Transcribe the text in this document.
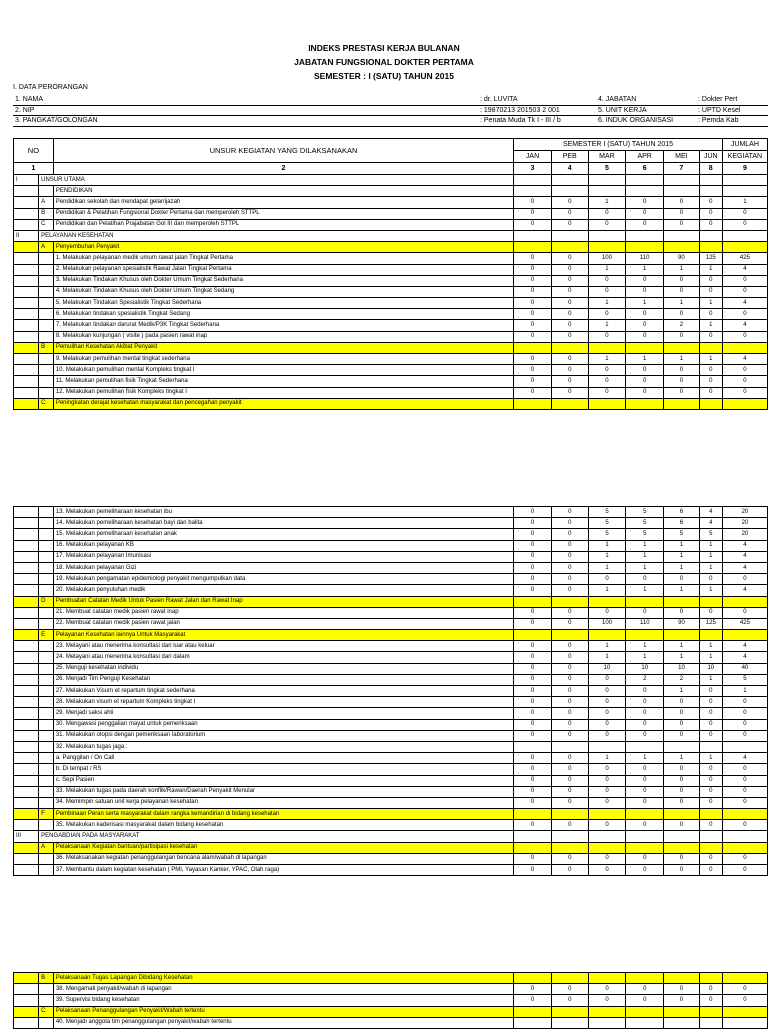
INDEKS PRESTASI KERJA BULANAN
JABATAN FUNGSIONAL DOKTER PERTAMA
SEMESTER : I (SATU) TAHUN 2015
I. DATA PERORANGAN
1. NAMA	: dr. LUVITA	4. JABATAN	: Dokter Pert
2. NIP	: 19870213 201503 2 001	5. UNIT KERJA	: UPTD Kesel
3. PANGKAT/GOLONGAN	: Penata Muda Tk I - III / b	6. INDUK ORGANISASI	: Pemda Kab
NO		UNSUR KEGIATAN YANG DILAKSANAKAN	SEMESTER I (SATU) TAHUN 2015						JUMLAH
			JAN	PEB	MAR	APR	MEI	JUN	KEGIATAN
1		2	3	4	5	6	7	8	9
I	UNSUR UTAMA								
		PENDIDIKAN							
	A	Pendidikan sekolah dan mendapat gelar/ijazah	0	0	1	0	0	0	1
	B	Pendidikan & Pelatihan Fungsional Dokter Pertama dan memperoleh STTPL	0	0	0	0	0	0	0
	C	Pendidikan dan Pelatihan Prajabatan Gol III dan memperoleh STTPL	0	0	0	0	0	0	0
II	PELAYANAN KESEHATAN								
	A	Penyembuhan Penyakit							
		1. Melakukan pelayanan medik umum rawat jalan Tingkat Pertama	0	0	100	110	90	125	425
		2. Melakukan pelayanan spesialistik Rawat Jalan Tingkat Pertama	0	0	1	1	1	1	4
		3. Melakukan Tindakan Khusus oleh Dokter Umum Tingkat Sederhana	0	0	0	0	0	0	0
		4. Melakukan Tindakan Khusus oleh Dokter Umum Tingkat Sedang	0	0	0	0	0	0	0
		5. Melakukan Tindakan Spesialistik Tingkat Sederhana	0	0	1	1	1	1	4
		6. Melakukan tindakan spesialistik Tingkat Sedang	0	0	0	0	0	0	0
		7. Melakukan tindakan darurat Medik/P3K Tingkat Sederhana	0	0	1	0	2	1	4
		8. Melakukan kunjungan ( visite ) pada pasien rawat inap	0	0	0	0	0	0	0
	B	Pemulihan Kesehatan Akibat Penyakit							
		9. Melakukan pemulihan mental tingkat sederhana	0	0	1	1	1	1	4
		10. Melakukan pemulihan mental Kompleks tingkat I	0	0	0	0	0	0	0
		11. Melakukan pemulihan fisik Tingkat Sederhana	0	0	0	0	0	0	0
		12. Melakukan pemulihan fisik Kompleks tingkat I	0	0	0	0	0	0	0
	C	Peningkatan derajat kesehatan masyarakat dan pencegahan penyakit							
		13. Melakukan pemeliharaan kesehatan ibu	0	0	5	5	6	4	20
		14. Melakukan pemeliharaan kesehatan bayi dan balita	0	0	5	5	6	4	20
		15. Melakukan pemeliharaan kesehatan anak	0	0	5	5	5	5	20
		16. Melakukan pelayanan KB	0	0	1	1	1	1	4
		17. Melakukan pelayanan Imunisasi	0	0	1	1	1	1	4
		18. Melakukan pelayanan Gizi	0	0	1	1	1	1	4
		19. Melakukan pengamatan epidemiologi penyakit mengumpulkan data	0	0	0	0	0	0	0
		20. Melakukan penyuluhan medik	0	0	1	1	1	1	4
	D	Pembuatan Catatan Medik Untuk Pasien Rawat Jalan dan Rawat Inap							
		21. Membuat catatan medik pasien rawat inap	0	0	0	0	0	0	0
		22. Membuat catatan medik pasien rawat jalan	0	0	100	110	90	125	425
	E	Pelayanan Kesehatan lainnya Untuk Masyarakat							
		23. Melayani atau menerima konsultasi dari luar atau keluar	0	0	1	1	1	1	4
		24. Melayani atau menerima konsultasi dari dalam	0	0	1	1	1	1	4
		25. Menguji kesehatan individu	0	0	10	10	10	10	40
		26. Menjadi Tim Penguji Kesehatan	0	0	0	2	2	1	5
		27. Melakukan Visum et repartum tingkat sederhana	0	0	0	0	1	0	1
		28. Melakukan visum et repartum Kompleks tingkat I	0	0	0	0	0	0	0
		29. Menjadi saksi ahli	0	0	0	0	0	0	0
		30. Mengawasi penggalian mayat untuk pemeriksaan	0	0	0	0	0	0	0
		31. Melakukan otopsi dengan pemeriksaan laboratorium	0	0	0	0	0	0	0
		32. Melakukan tugas jaga :							
		a. Panggilan / On Call	0	0	1	1	1	1	4
		b. Di tempat / RS	0	0	0	0	0	0	0
		c. Sepi Pasien	0	0	0	0	0	0	0
		33. Melakukan tugas pada daerah konflik/Rawan/Daerah Penyakit Menular	0	0	0	0	0	0	0
		34. Memimpin satuan unit kerja pelayanan kesehatan	0	0	0	0	0	0	0
	F	Pembinaan Peran serta masyarakat dalam rangka kemandirian di bidang kesehatan							
		35. Melakukan kaderisasi masyarakat dalam bidang kesehatan	0	0	0	0	0	0	0
III	PENGABDIAN PADA MASYARAKAT								
	A	Pelaksanaan Kegiatan bantuan/partisipasi kesehatan							
		36. Melaksanakan kegiatan penanggulangan bencana alam/wabah di lapangan	0	0	0	0	0	0	0
		37. Membantu dalam kegiatan kesehatan ( PMI, Yayasan Kanker, YPAC, Olah raga)	0	0	0	0	0	0	0
	B	Pelaksanaan Tugas Lapangan Dibidang Kesehatan							
		38. Mengamati penyakit/wabah di lapangan	0	0	0	0	0	0	0
		39. Supervisi bidang kesehatan	0	0	0	0	0	0	0
	C	Pelaksanaan Penanggulangan Penyakit/Wabah tertentu							
		40. Menjadi anggota tim penanggulangan penyakit/wabah tertentu							
